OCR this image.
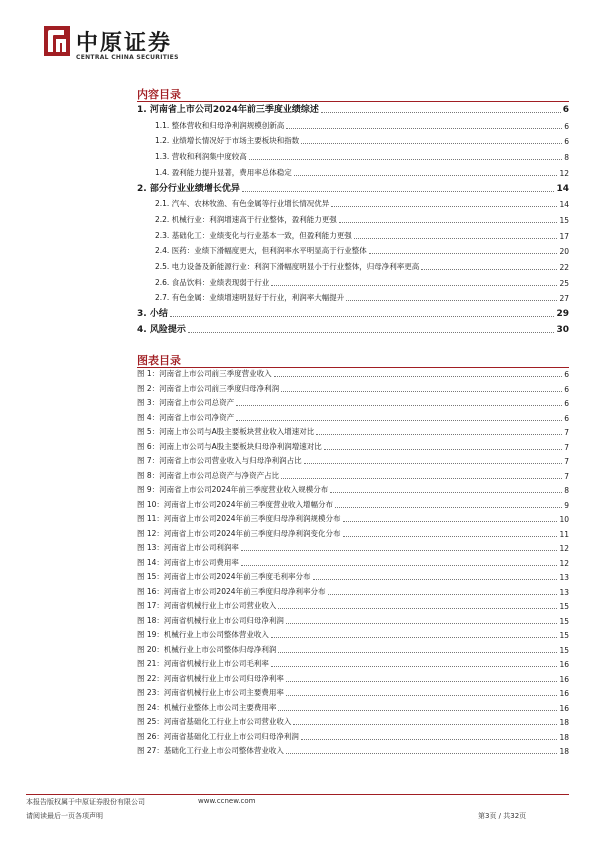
中原证券
CENTRAL CHINA SECURITIES
内容目录
1. 河南省上市公司2024年前三季度业绩综述	6
1.1. 整体营收和归母净利润规模创新高	6
1.2. 业绩增长情况好于市场主要板块和指数	6
1.3. 营收和利润集中度较高	8
1.4. 盈利能力提升显著，费用率总体稳定	12
2. 部分行业业绩增长优异	14
2.1. 汽车、农林牧渔、有色金属等行业增长情况优异	14
2.2. 机械行业：利润增速高于行业整体，盈利能力更强	15
2.3. 基础化工：业绩变化与行业基本一致，但盈利能力更强	17
2.4. 医药：业绩下滑幅度更大，但利润率水平明显高于行业整体	20
2.5. 电力设备及新能源行业：利润下滑幅度明显小于行业整体，归母净利率更高	22
2.6. 食品饮料：业绩表现弱于行业	25
2.7. 有色金属：业绩增速明显好于行业，利润率大幅提升	27
3. 小结	29
4. 风险提示	30
图表目录
图 1：河南省上市公司前三季度营业收入	6
图 2：河南省上市公司前三季度归母净利润	6
图 3：河南省上市公司总资产	6
图 4：河南省上市公司净资产	6
图 5：河南上市公司与A股主要板块营业收入增速对比	7
图 6：河南上市公司与A股主要板块归母净利润增速对比	7
图 7：河南省上市公司营业收入与归母净利润占比	7
图 8：河南省上市公司总资产与净资产占比	7
图 9：河南省上市公司2024年前三季度营业收入规模分布	8
图 10：河南省上市公司2024年前三季度营业收入增幅分布	9
图 11：河南省上市公司2024年前三季度归母净利润规模分布	10
图 12：河南省上市公司2024年前三季度归母净利润变化分布	11
图 13：河南省上市公司利润率	12
图 14：河南省上市公司费用率	12
图 15：河南省上市公司2024年前三季度毛利率分布	13
图 16：河南省上市公司2024年前三季度归母净利率分布	13
图 17：河南省机械行业上市公司营业收入	15
图 18：河南省机械行业上市公司归母净利润	15
图 19：机械行业上市公司整体营业收入	15
图 20：机械行业上市公司整体归母净利润	15
图 21：河南省机械行业上市公司毛利率	16
图 22：河南省机械行业上市公司归母净利率	16
图 23：河南省机械行业上市公司主要费用率	16
图 24：机械行业整体上市公司主要费用率	16
图 25：河南省基础化工行业上市公司营业收入	18
图 26：河南省基础化工行业上市公司归母净利润	18
图 27：基础化工行业上市公司整体营业收入	18
本报告版权属于中原证券股份有限公司	www.ccnew.com
请阅读最后一页各项声明	第3页 / 共32页
